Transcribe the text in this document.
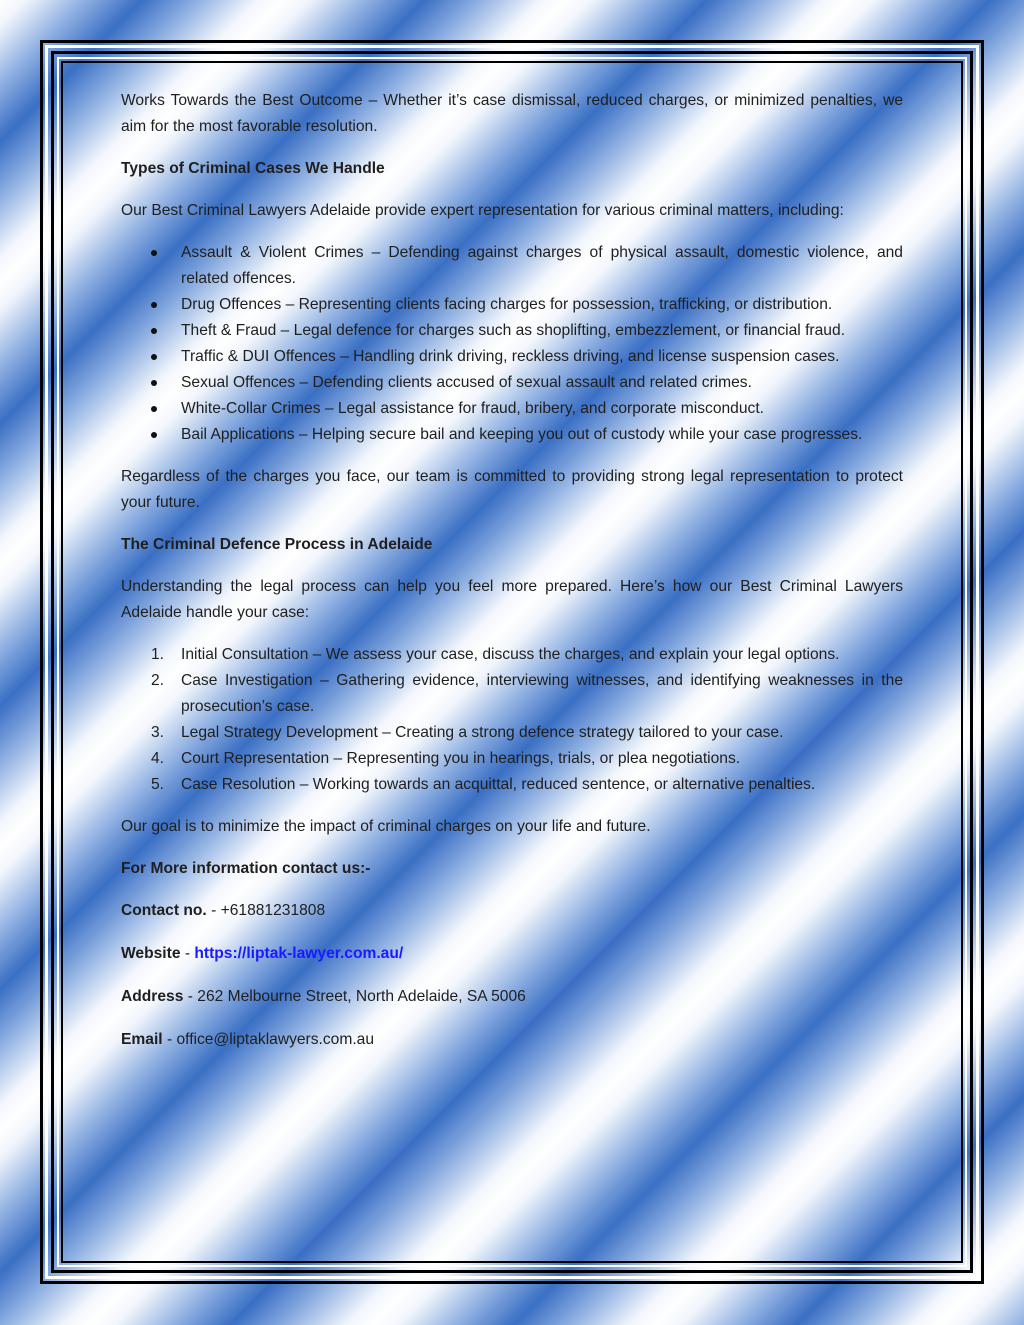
Works Towards the Best Outcome – Whether it’s case dismissal, reduced charges, or minimized penalties, we aim for the most favorable resolution.

Types of Criminal Cases We Handle

Our Best Criminal Lawyers Adelaide provide expert representation for various criminal matters, including:

Assault & Violent Crimes – Defending against charges of physical assault, domestic violence, and related offences.
Drug Offences – Representing clients facing charges for possession, trafficking, or distribution.
Theft & Fraud – Legal defence for charges such as shoplifting, embezzlement, or financial fraud.
Traffic & DUI Offences – Handling drink driving, reckless driving, and license suspension cases.
Sexual Offences – Defending clients accused of sexual assault and related crimes.
White-Collar Crimes – Legal assistance for fraud, bribery, and corporate misconduct.
Bail Applications – Helping secure bail and keeping you out of custody while your case progresses.

Regardless of the charges you face, our team is committed to providing strong legal representation to protect your future.

The Criminal Defence Process in Adelaide

Understanding the legal process can help you feel more prepared. Here’s how our Best Criminal Lawyers Adelaide handle your case:

1. Initial Consultation – We assess your case, discuss the charges, and explain your legal options.
2. Case Investigation – Gathering evidence, interviewing witnesses, and identifying weaknesses in the prosecution’s case.
3. Legal Strategy Development – Creating a strong defence strategy tailored to your case.
4. Court Representation – Representing you in hearings, trials, or plea negotiations.
5. Case Resolution – Working towards an acquittal, reduced sentence, or alternative penalties.

Our goal is to minimize the impact of criminal charges on your life and future.

For More information contact us:-
Contact no. - +61881231808
Website - https://liptak-lawyer.com.au/
Address - 262 Melbourne Street, North Adelaide, SA 5006
Email - office@liptaklawyers.com.au
